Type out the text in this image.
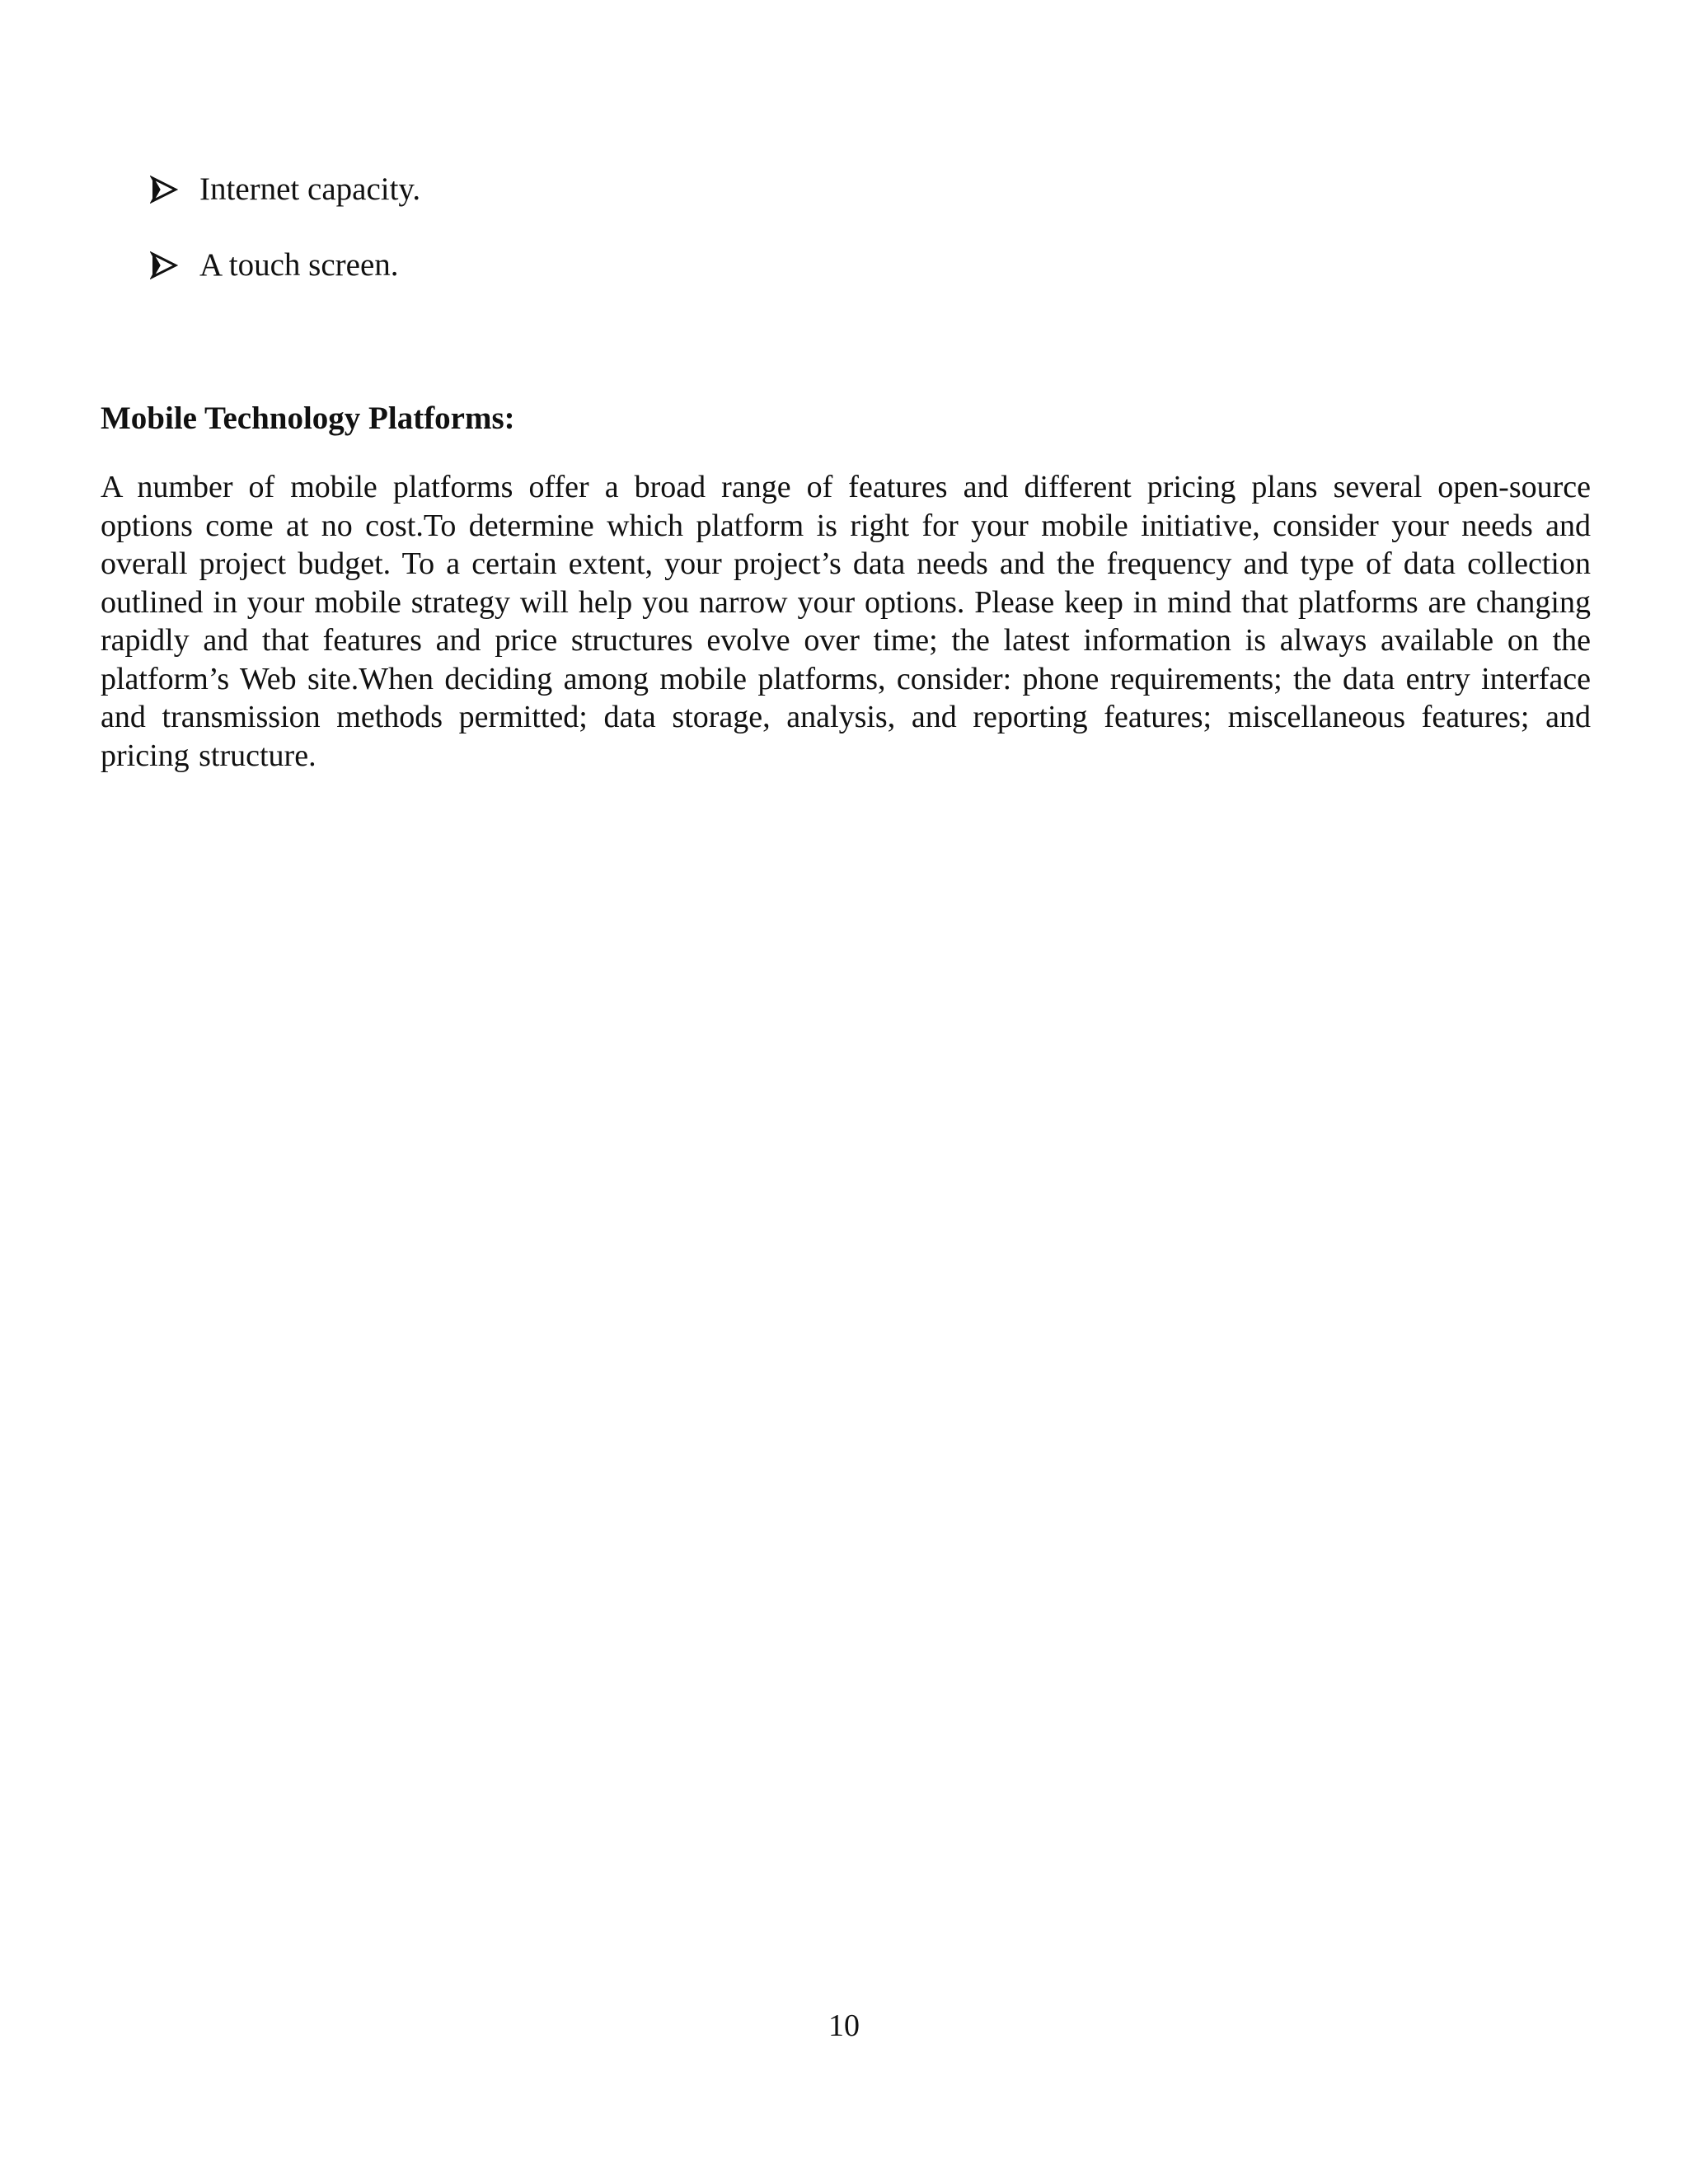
Internet capacity.
A touch screen.
Mobile Technology Platforms:

A number of mobile platforms offer a broad range of features and different pricing plans several open-source options come at no cost.To determine which platform is right for your mobile initiative, consider your needs and overall project budget. To a certain extent, your project’s data needs and the frequency and type of data collection outlined in your mobile strategy will help you narrow your options. Please keep in mind that platforms are changing rapidly and that features and price structures evolve over time; the latest information is always available on the platform’s Web site.When deciding among mobile platforms, consider: phone requirements; the data entry interface and transmission methods permitted; data storage, analysis, and reporting features; miscellaneous features; and pricing structure.

10
